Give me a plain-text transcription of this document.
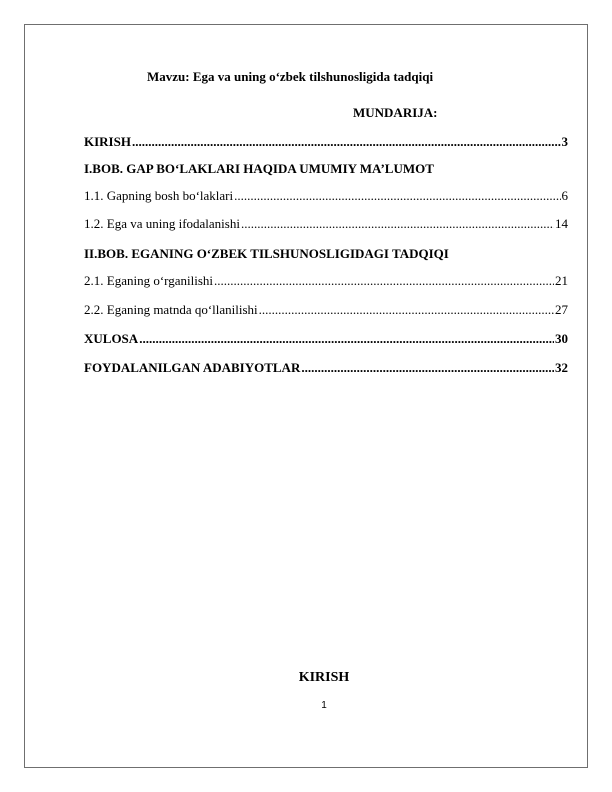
Mavzu: Ega va uning o‘zbek tilshunosligida tadqiqi
MUNDARIJA:
KIRISH .....	3
I.BOB. GAP BO‘LAKLARI HAQIDA UMUMIY MA’LUMOT
1.1. Gapning bosh bo‘laklari .....	6
1.2. Ega va uning ifodalanishi .....	14
II.BOB. EGANING O‘ZBEK TILSHUNOSLIGIDAGI TADQIQI
2.1. Eganing o‘rganilishi .....	21
2.2. Eganing matnda qo‘llanilishi .....	27
XULOSA .....	30
FOYDALANILGAN ADABIYOTLAR .....	32
KIRISH
1
